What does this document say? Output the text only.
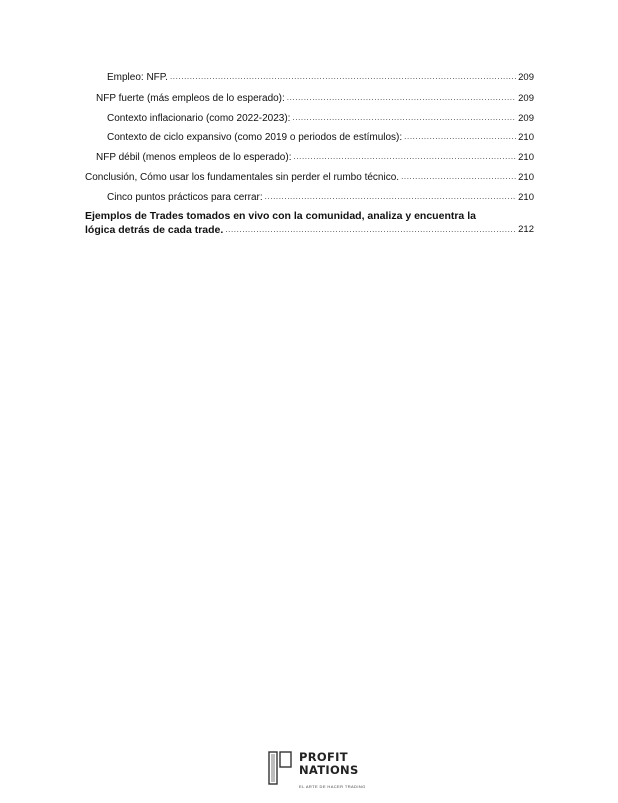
Empleo: NFP. .....	209
NFP fuerte (más empleos de lo esperado): .....	209
Contexto inflacionario (como 2022-2023): .....	209
Contexto de ciclo expansivo (como 2019 o periodos de estímulos): .....	210
NFP débil (menos empleos de lo esperado): .....	210
Conclusión, Cómo usar los fundamentales sin perder el rumbo técnico. .....	210
Cinco puntos prácticos para cerrar: .....	210
Ejemplos de Trades tomados en vivo con la comunidad, analiza y encuentra la
lógica detrás de cada trade. .....	212
PROFIT
NATIONS
EL ARTE DE HACER TRADING
